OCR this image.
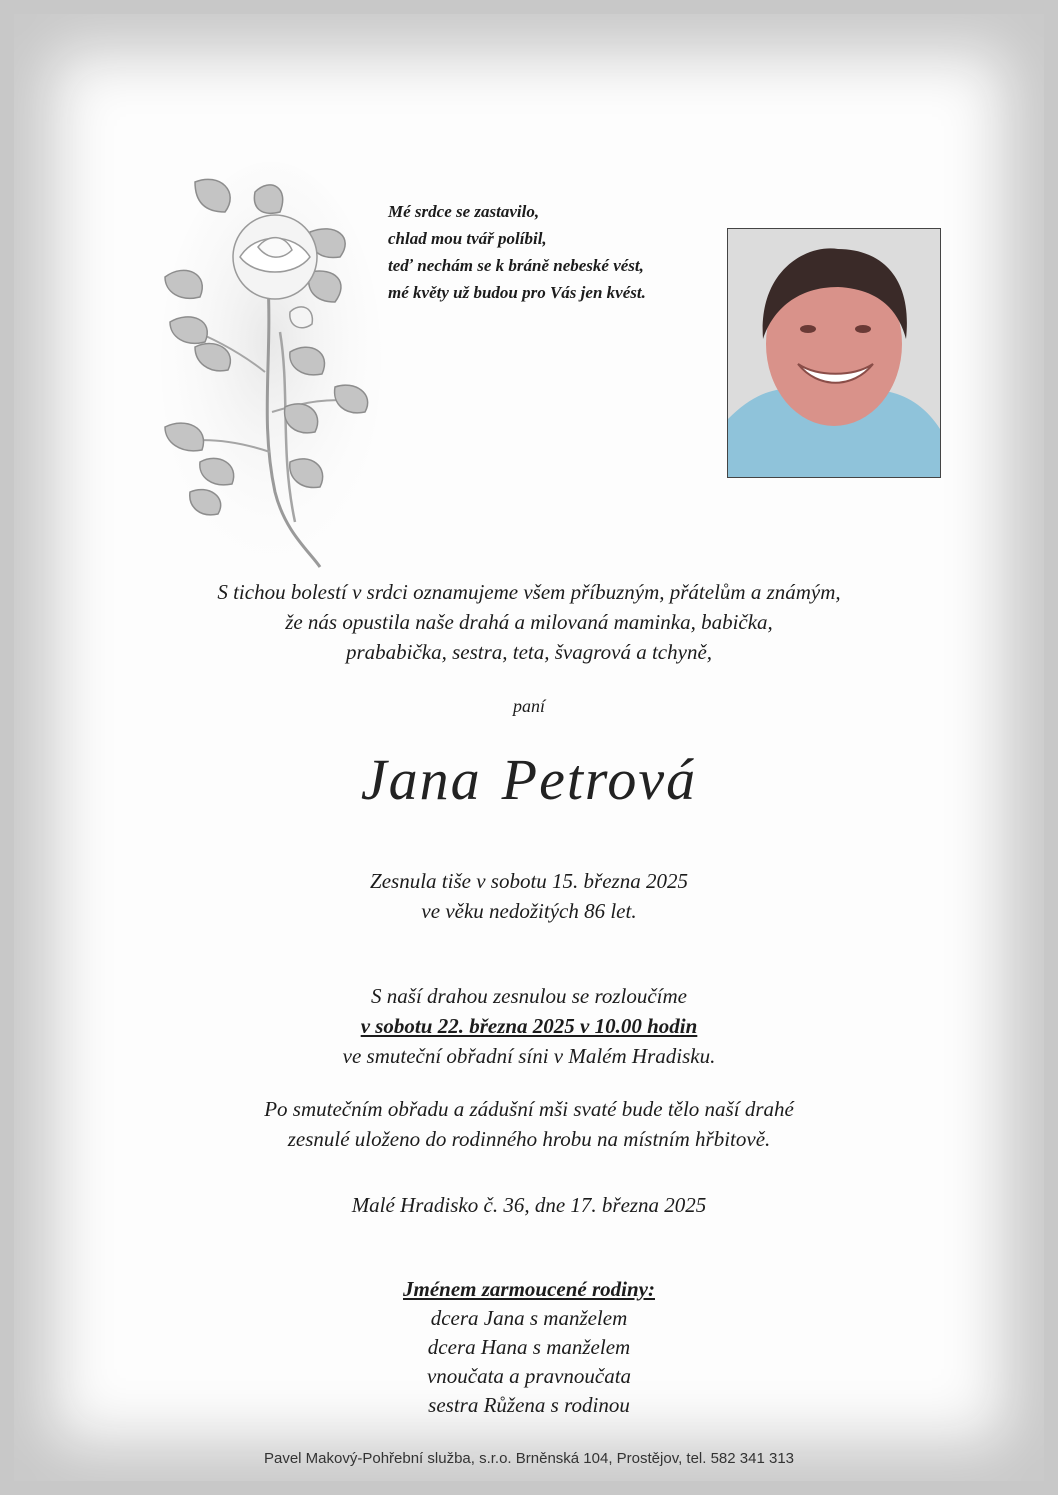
Mé srdce se zastavilo,
chlad mou tvář políbil,
teď nechám se k bráně nebeské vést,
mé květy už budou pro Vás jen kvést.
S tichou bolestí v srdci oznamujeme všem příbuzným, přátelům a známým,
že nás opustila naše drahá a milovaná maminka, babička,
prababička, sestra, teta, švagrová a tchyně,
paní
Jana Petrová
Zesnula tiše v sobotu 15. března 2025
ve věku nedožitých 86 let.
S naší drahou zesnulou se rozloučíme
v sobotu 22. března 2025 v 10.00 hodin
ve smuteční obřadní síni v Malém Hradisku.
Po smutečním obřadu a zádušní mši svaté bude tělo naší drahé
zesnulé uloženo do rodinného hrobu na místním hřbitově.
Malé Hradisko č. 36, dne 17. března 2025
Jménem zarmoucené rodiny:
dcera Jana s manželem
dcera Hana s manželem
vnoučata a pravnoučata
sestra Růžena s rodinou
Pavel Makový-Pohřební služba, s.r.o. Brněnská 104, Prostějov, tel. 582 341 313
